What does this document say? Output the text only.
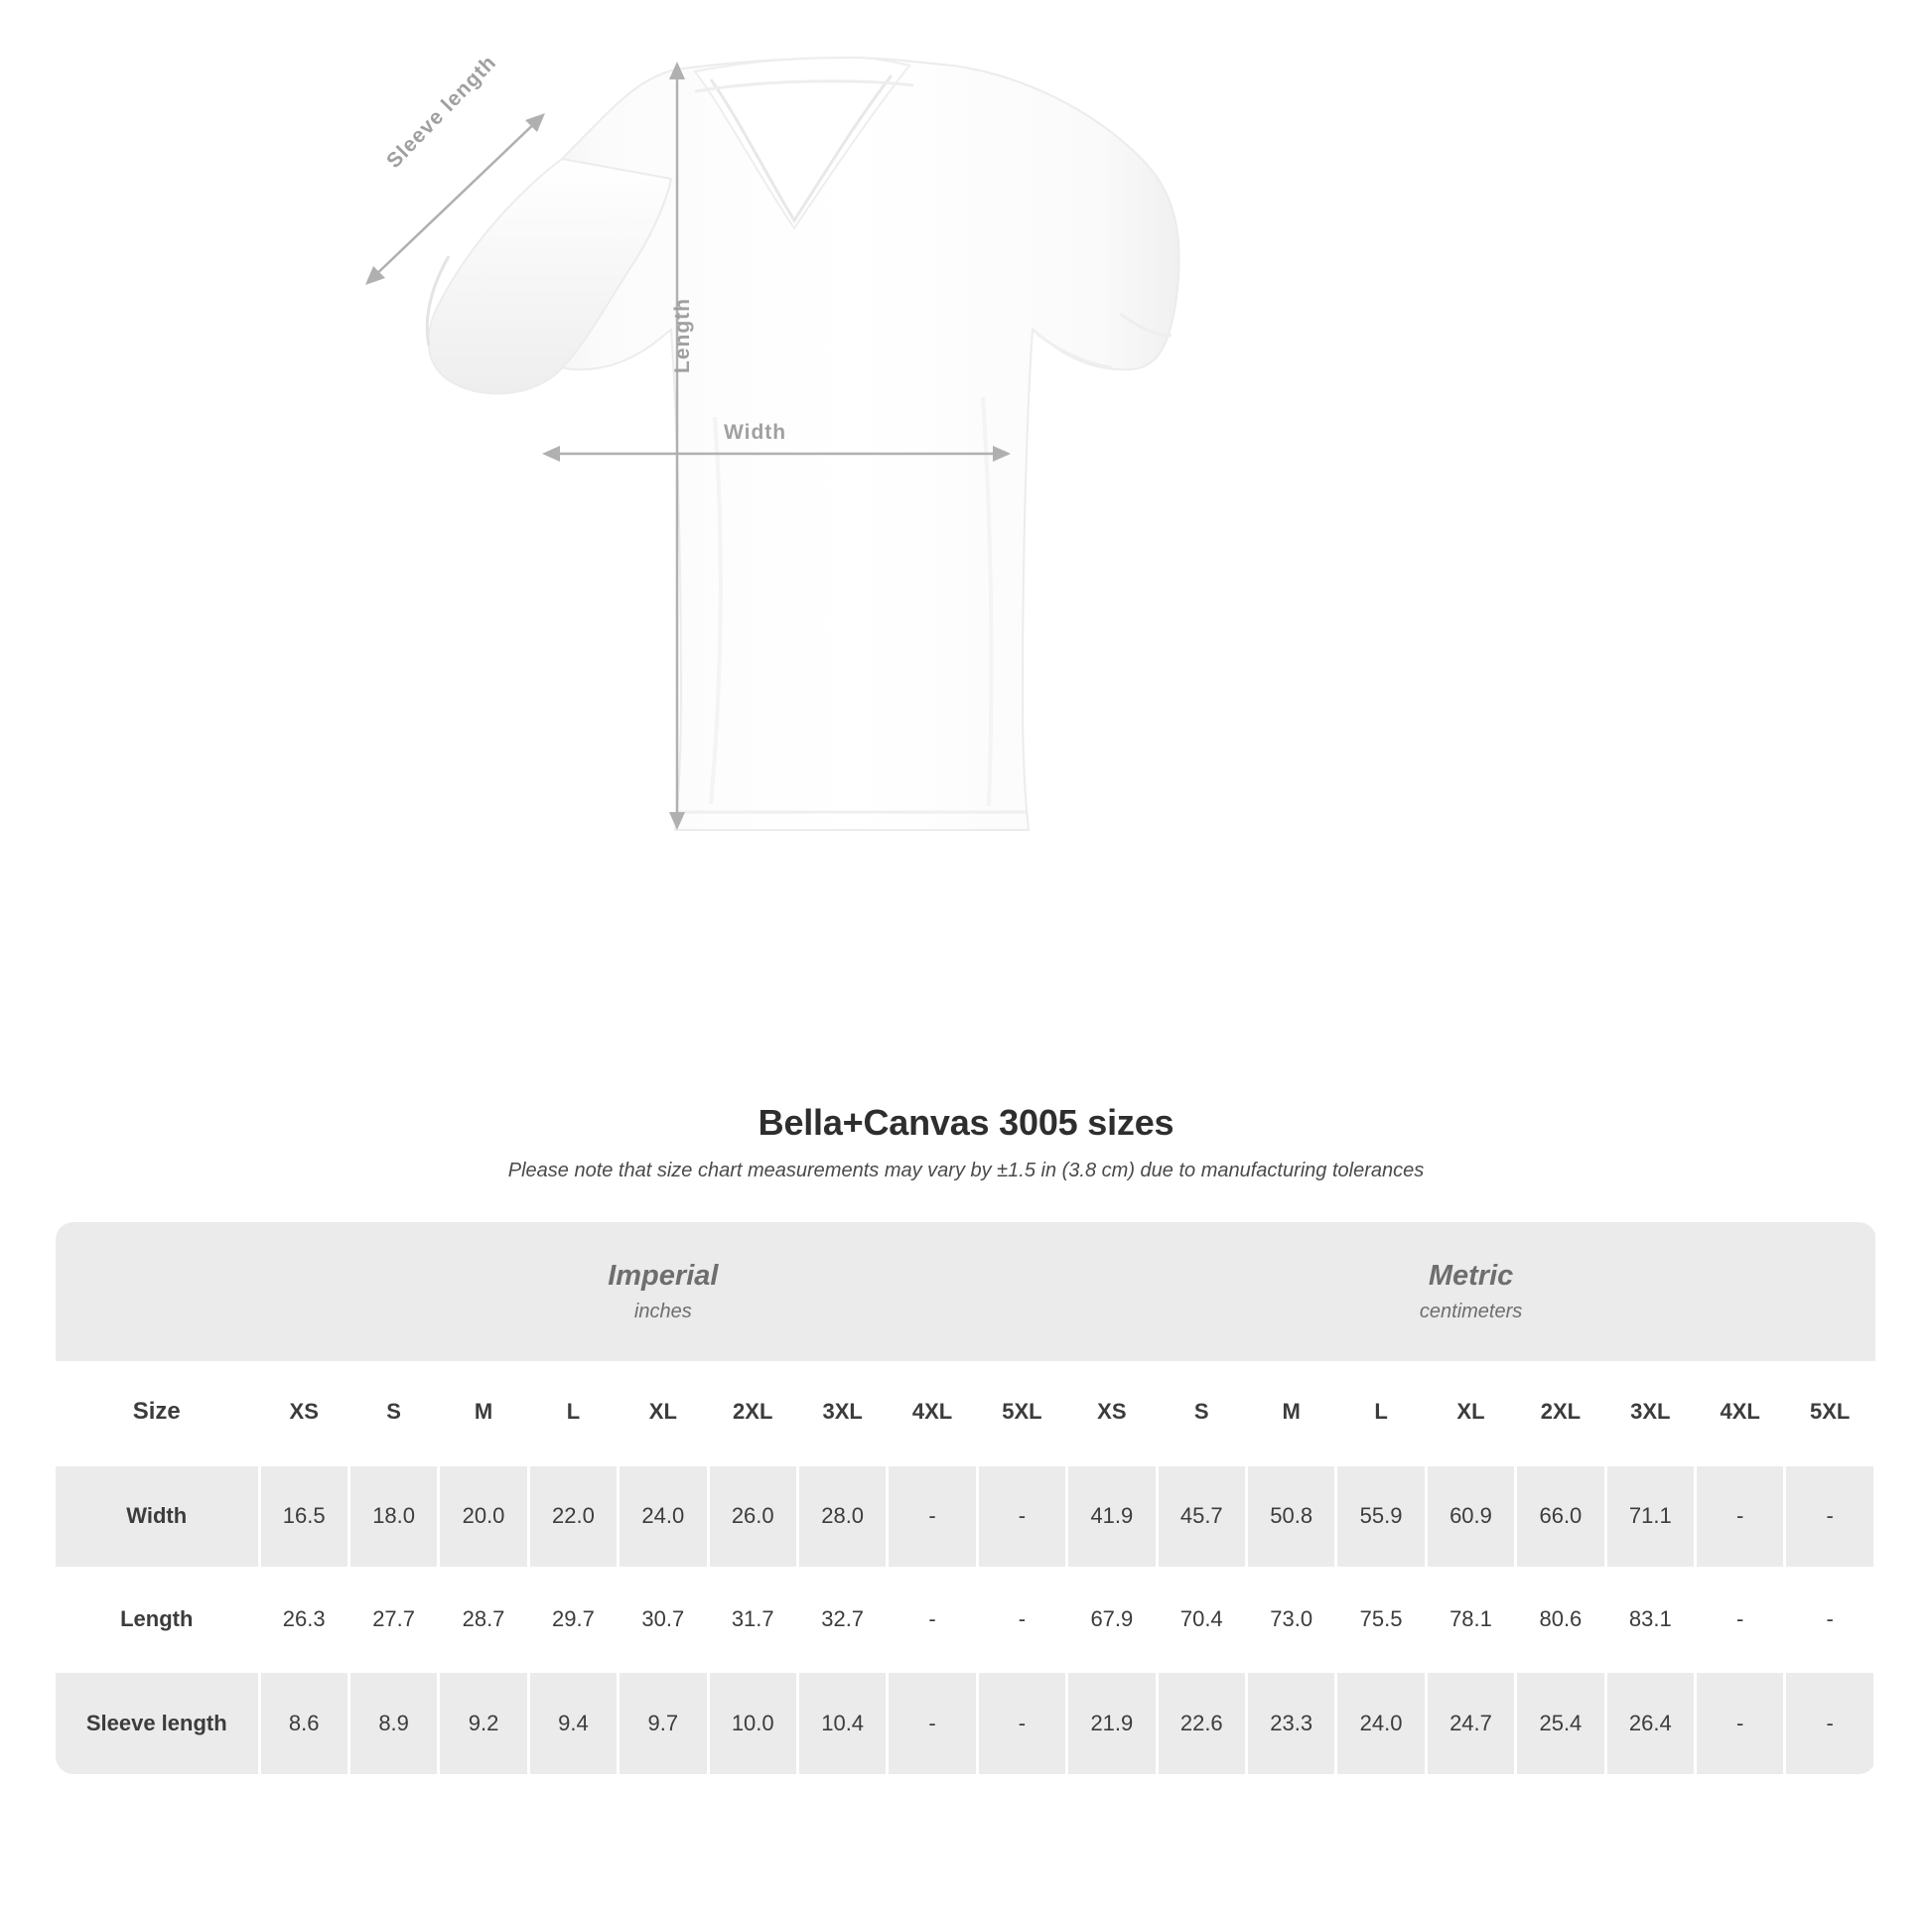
Length
Width
Sleeve length
Bella+Canvas 3005 sizes
Please note that size chart measurements may vary by ±1.5 in (3.8 cm) due to manufacturing tolerances

Imperial
inches

Metric
centimeters

Size	XS	S	M	L	XL	2XL	3XL	4XL	5XL	XS	S	M	L	XL	2XL	3XL	4XL	5XL
Width	16.5	18.0	20.0	22.0	24.0	26.0	28.0	-	-	41.9	45.7	50.8	55.9	60.9	66.0	71.1	-	-
Length	26.3	27.7	28.7	29.7	30.7	31.7	32.7	-	-	67.9	70.4	73.0	75.5	78.1	80.6	83.1	-	-
Sleeve length	8.6	8.9	9.2	9.4	9.7	10.0	10.4	-	-	21.9	22.6	23.3	24.0	24.7	25.4	26.4	-	-
